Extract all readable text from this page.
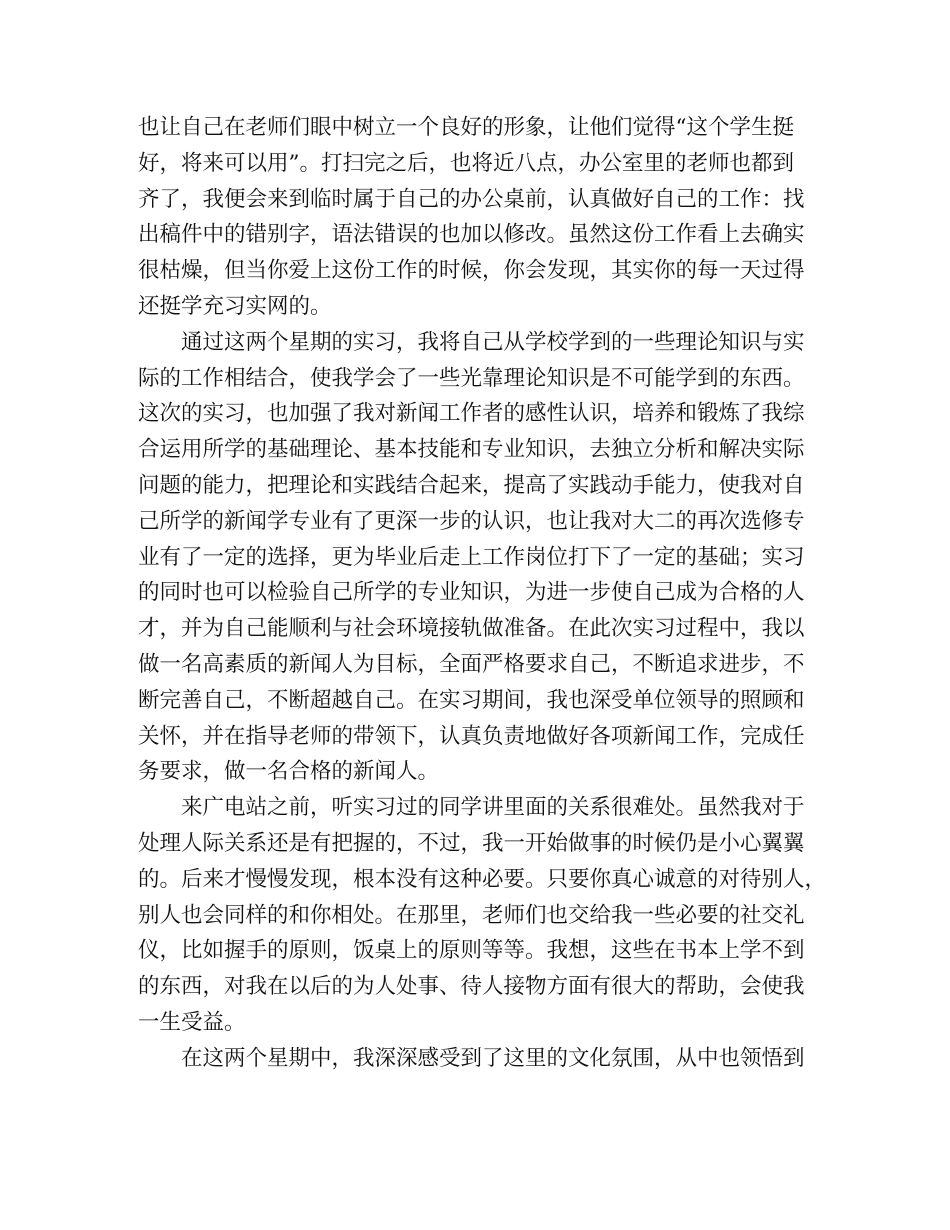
也让自己在老师们眼中树立一个良好的形象，让他们觉得“这个学生挺
好，将来可以用”。打扫完之后，也将近八点，办公室里的老师也都到
齐了，我便会来到临时属于自己的办公桌前，认真做好自己的工作：找
出稿件中的错别字，语法错误的也加以修改。虽然这份工作看上去确实
很枯燥，但当你爱上这份工作的时候，你会发现，其实你的每一天过得
还挺学充习实网的。
通过这两个星期的实习，我将自己从学校学到的一些理论知识与实
际的工作相结合，使我学会了一些光靠理论知识是不可能学到的东西。
这次的实习，也加强了我对新闻工作者的感性认识，培养和锻炼了我综
合运用所学的基础理论、基本技能和专业知识，去独立分析和解决实际
问题的能力，把理论和实践结合起来，提高了实践动手能力，使我对自
己所学的新闻学专业有了更深一步的认识，也让我对大二的再次选修专
业有了一定的选择，更为毕业后走上工作岗位打下了一定的基础；实习
的同时也可以检验自己所学的专业知识，为进一步使自己成为合格的人
才，并为自己能顺利与社会环境接轨做准备。在此次实习过程中，我以
做一名高素质的新闻人为目标，全面严格要求自己，不断追求进步，不
断完善自己，不断超越自己。在实习期间，我也深受单位领导的照顾和
关怀，并在指导老师的带领下，认真负责地做好各项新闻工作，完成任
务要求，做一名合格的新闻人。
来广电站之前，听实习过的同学讲里面的关系很难处。虽然我对于
处理人际关系还是有把握的，不过，我一开始做事的时候仍是小心翼翼
的。后来才慢慢发现，根本没有这种必要。只要你真心诚意的对待别人，
别人也会同样的和你相处。在那里，老师们也交给我一些必要的社交礼
仪，比如握手的原则，饭桌上的原则等等。我想，这些在书本上学不到
的东西，对我在以后的为人处事、待人接物方面有很大的帮助，会使我
一生受益。
在这两个星期中，我深深感受到了这里的文化氛围，从中也领悟到
